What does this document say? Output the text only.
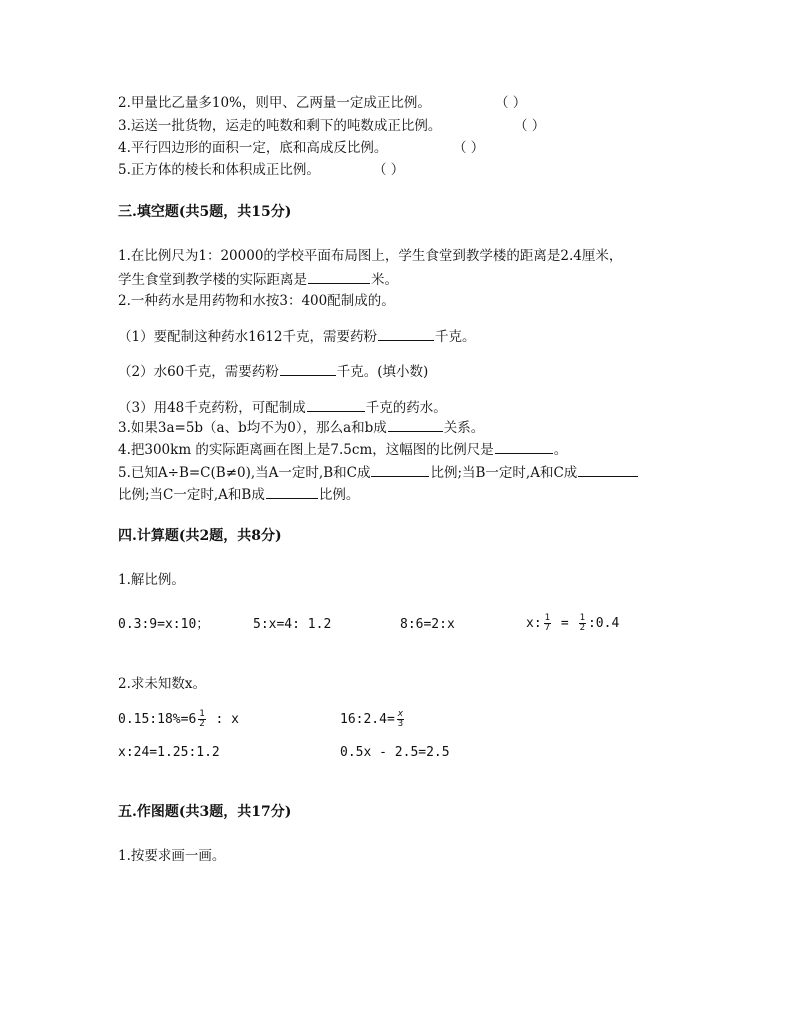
2.甲量比乙量多10%，则甲、乙两量一定成正比例。	（ ）
3.运送一批货物，运走的吨数和剩下的吨数成正比例。	（ ）
4.平行四边形的面积一定，底和高成反比例。	（ ）
5.正方体的棱长和体积成正比例。	（ ）
三.填空题(共5题，共15分)
1.在比例尺为1：20000的学校平面布局图上，学生食堂到教学楼的距离是2.4厘米，
学生食堂到教学楼的实际距离是	米。
2.一种药水是用药物和水按3：400配制成的。
（1）要配制这种药水1612千克，需要药粉	千克。
（2）水60千克，需要药粉	千克。(填小数)
（3）用48千克药粉，可配制成	千克的药水。
3.如果3a=5b（a、b均不为0），那么a和b成	关系。
4.把300km 的实际距离画在图上是7.5cm，这幅图的比例尺是	。
5.已知A÷B=C(B≠0),当A一定时,B和C成	比例;当B一定时,A和C成
比例;当C一定时,A和B成	比例。
四.计算题(共2题，共8分)
1.解比例。
0.3:9=x:10；	5:x=4: 1.2	8:6=2:x	x: $\frac{1}{7} = \frac{1}{2}$ :0.4
2.求未知数x。
0.15:18%=6 $\frac{1}{2}$ : x	16:2.4= $\frac{x}{3}$
x:24=1.25:1.2	0.5x - 2.5=2.5
五.作图题(共3题，共17分)
1.按要求画一画。
